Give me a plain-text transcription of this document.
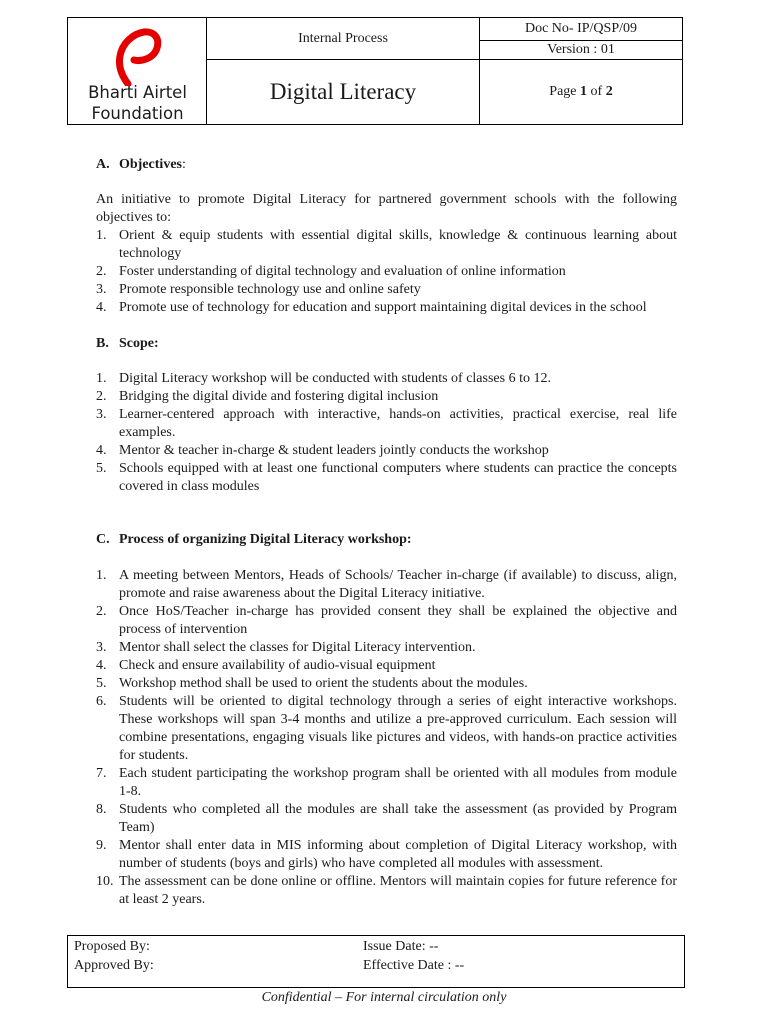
Bharti Airtel
Foundation
Internal Process
Digital Literacy
Doc No- IP/QSP/09
Version : 01
Page
1
of
2

A. Objectives:

An initiative to promote Digital Literacy for partnered government schools with the following objectives to:

1. Orient & equip students with essential digital skills, knowledge & continuous learning about technology
2. Foster understanding of digital technology and evaluation of online information
3. Promote responsible technology use and online safety
4. Promote use of technology for education and support maintaining digital devices in the school

B. Scope:

1. Digital Literacy workshop will be conducted with students of classes 6 to 12.
2. Bridging the digital divide and fostering digital inclusion
3. Learner-centered approach with interactive, hands-on activities, practical exercise, real life examples.
4. Mentor & teacher in-charge & student leaders jointly conducts the workshop
5. Schools equipped with at least one functional computers where students can practice the concepts covered in class modules

C. Process of organizing Digital Literacy workshop:

1. A meeting between Mentors, Heads of Schools/ Teacher in-charge (if available) to discuss, align, promote and raise awareness about the Digital Literacy initiative.
2. Once HoS/Teacher in-charge has provided consent they shall be explained the objective and process of intervention
3. Mentor shall select the classes for Digital Literacy intervention.
4. Check and ensure availability of audio-visual equipment
5. Workshop method shall be used to orient the students about the modules.
6. Students will be oriented to digital technology through a series of eight interactive workshops. These workshops will span 3-4 months and utilize a pre-approved curriculum. Each session will combine presentations, engaging visuals like pictures and videos, with hands-on practice activities for students.
7. Each student participating the workshop program shall be oriented with all modules from module 1-8.
8. Students who completed all the modules are shall take the assessment (as provided by Program Team)
9. Mentor shall enter data in MIS informing about completion of Digital Literacy workshop, with number of students (boys and girls) who have completed all modules with assessment.
10. The assessment can be done online or offline. Mentors will maintain copies for future reference for at least 2 years.
Proposed By:
Approved By:
Issue Date: --
Effective Date : --
Confidential – For internal circulation only
